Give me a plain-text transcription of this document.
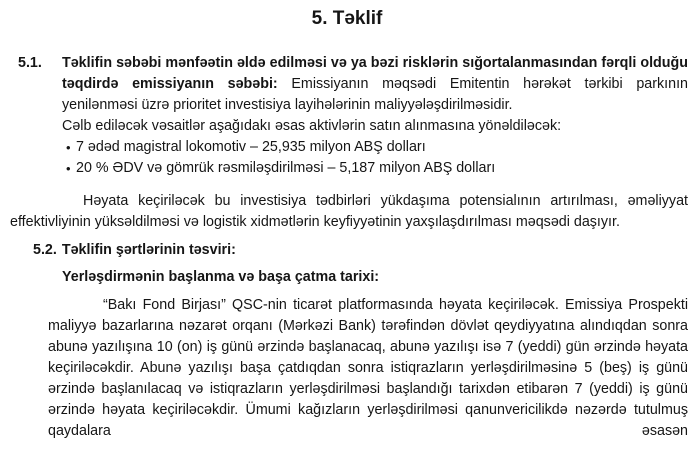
5. Təklif
5.1. Təklifin səbəbi mənfəətin əldə edilməsi və ya bəzi risklərin sığortalanmasından fərqli olduğu təqdirdə emissiyanın səbəbi: Emissiyanın məqsədi Emitentin hərəkət tərkibi parkının yenilənməsi üzrə prioritet investisiya layihələrinin maliyyələşdirilməsidir.

Cəlb ediləcək vəsaitlər aşağıdakı əsas aktivlərin satın alınmasına yönəldiləcək:

• 7 ədəd magistral lokomotiv – 25,935 milyon ABŞ dolları
• 20 % ƏDV və gömrük rəsmiləşdirilməsi – 5,187 milyon ABŞ dolları

Həyata keçiriləcək bu investisiya tədbirləri yükdaşıma potensialının artırılması, əməliyyat effektivliyinin yüksəldilməsi və logistik xidmətlərin keyfiyyətinin yaxşılaşdırılması məqsədi daşıyır.

5.2. Təklifin şərtlərinin təsviri:

Yerləşdirmənin başlanma və başa çatma tarixi:

“Bakı Fond Birjası” QSC-nin ticarət platformasında həyata keçiriləcək. Emissiya Prospekti maliyyə bazarlarına nəzarət orqanı (Mərkəzi Bank) tərəfindən dövlət qeydiyyatına alındıqdan sonra abunə yazılışına 10 (on) iş günü ərzində başlanacaq, abunə yazılışı isə 7 (yeddi) gün ərzində həyata keçiriləcəkdir. Abunə yazılışı başa çatdıqdan sonra istiqrazların yerləşdirilməsinə 5 (beş) iş günü ərzində başlanılacaq və istiqrazların yerləşdirilməsi başlandığı tarixdən etibarən 7 (yeddi) iş günü ərzində həyata keçiriləcəkdir. Ümumi kağızların yerləşdirilməsi qanunvericilikdə nəzərdə tutulmuş qaydalara əsasən
